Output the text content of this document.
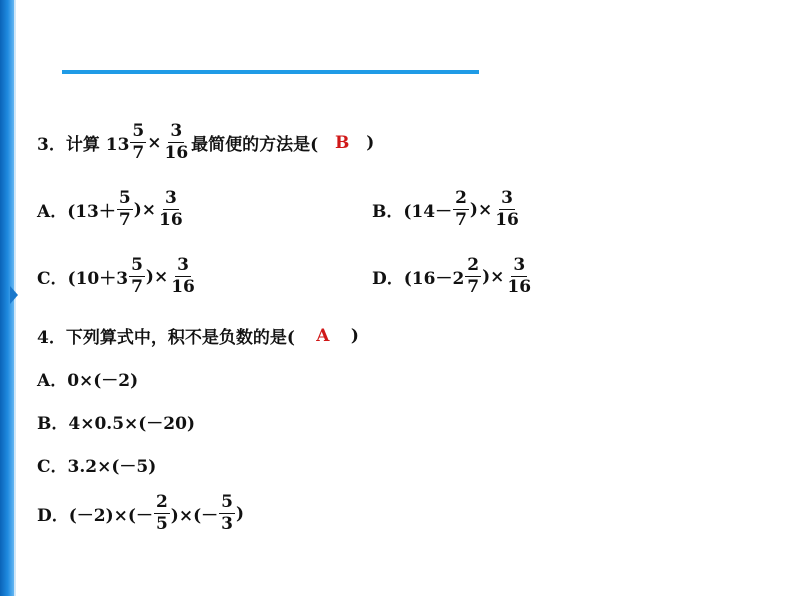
3．计算 $13 \frac{5}{7} \times \frac{3}{16}$ 最简便的方法是( B )
A．($13+ \frac{5}{7}$ )× $\frac{3}{16}$	B．($14- \frac{2}{7}$ )× $\frac{3}{16}$
C．($10+3 \frac{5}{7}$ )× $\frac{3}{16}$	D．($16-2 \frac{2}{7}$ )× $\frac{3}{16}$
4．下列算式中，积不是负数的是(	A	)
A．0×(－2)
B．4×0.5×(－20)
C．3.2×(－5)
D．$(-2)\times(- \frac{2}{5}$ )×(－ $\frac{5}{3}$ )
